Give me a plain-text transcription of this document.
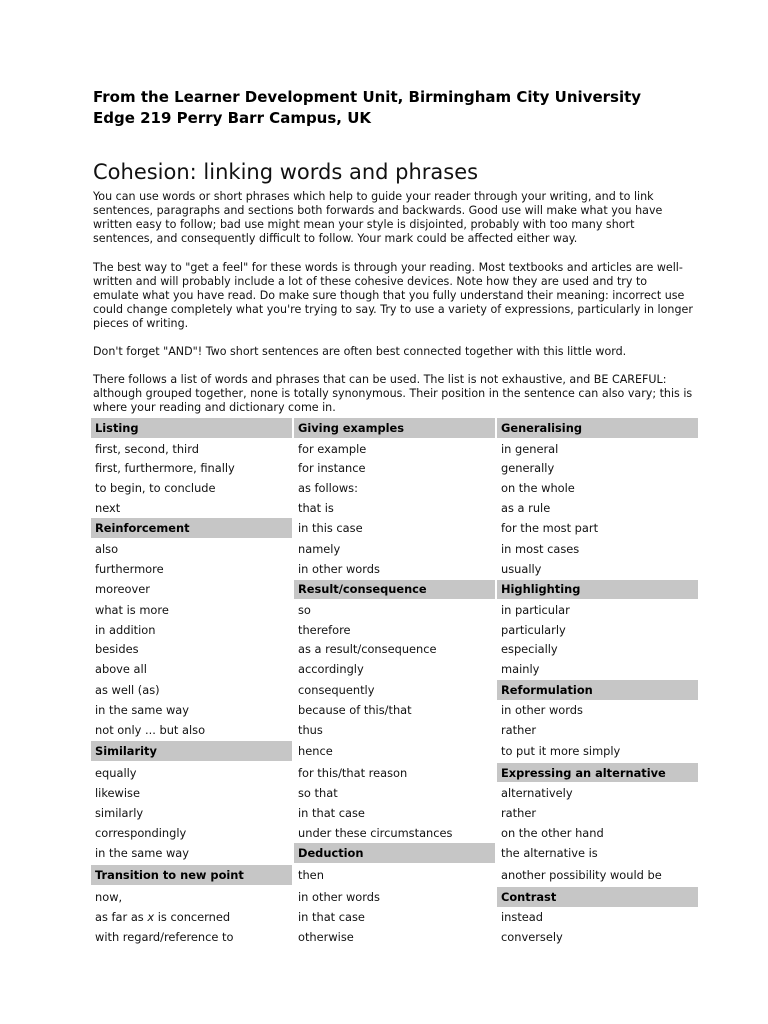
From the Learner Development Unit, Birmingham City University
Edge 219 Perry Barr Campus, UK
Cohesion: linking words and phrases

You can use words or short phrases which help to guide your reader through your writing, and to link sentences, paragraphs and sections both forwards and backwards. Good use will make what you have written easy to follow; bad use might mean your style is disjointed, probably with too many short sentences, and consequently difficult to follow. Your mark could be affected either way.

The best way to "get a feel" for these words is through your reading. Most textbooks and articles are well-written and will probably include a lot of these cohesive devices. Note how they are used and try to emulate what you have read. Do make sure though that you fully understand their meaning: incorrect use could change completely what you're trying to say. Try to use a variety of expressions, particularly in longer pieces of writing.

Don't forget "AND"! Two short sentences are often best connected together with this little word.

There follows a list of words and phrases that can be used. The list is not exhaustive, and BE CAREFUL: although grouped together, none is totally synonymous. Their position in the sentence can also vary; this is where your reading and dictionary come in.

Listing	Giving examples	Generalising
first, second, third	for example	in general
first, furthermore, finally	for instance	generally
to begin, to conclude	as follows:	on the whole
next	that is	as a rule
Reinforcement	in this case	for the most part
also	namely	in most cases
furthermore	in other words	usually
moreover	Result/consequence	Highlighting
what is more	so	in particular
in addition	therefore	particularly
besides	as a result/consequence	especially
above all	accordingly	mainly
as well (as)	consequently	Reformulation
in the same way	because of this/that	in other words
not only ... but also	thus	rather
Similarity	hence	to put it more simply
equally	for this/that reason	Expressing an alternative
likewise	so that	alternatively
similarly	in that case	rather
correspondingly	under these circumstances	on the other hand
in the same way	Deduction	the alternative is
Transition to new point	then	another possibility would be
now,	in other words	Contrast
as far as x is concerned	in that case	instead
with regard/reference to	otherwise	conversely
